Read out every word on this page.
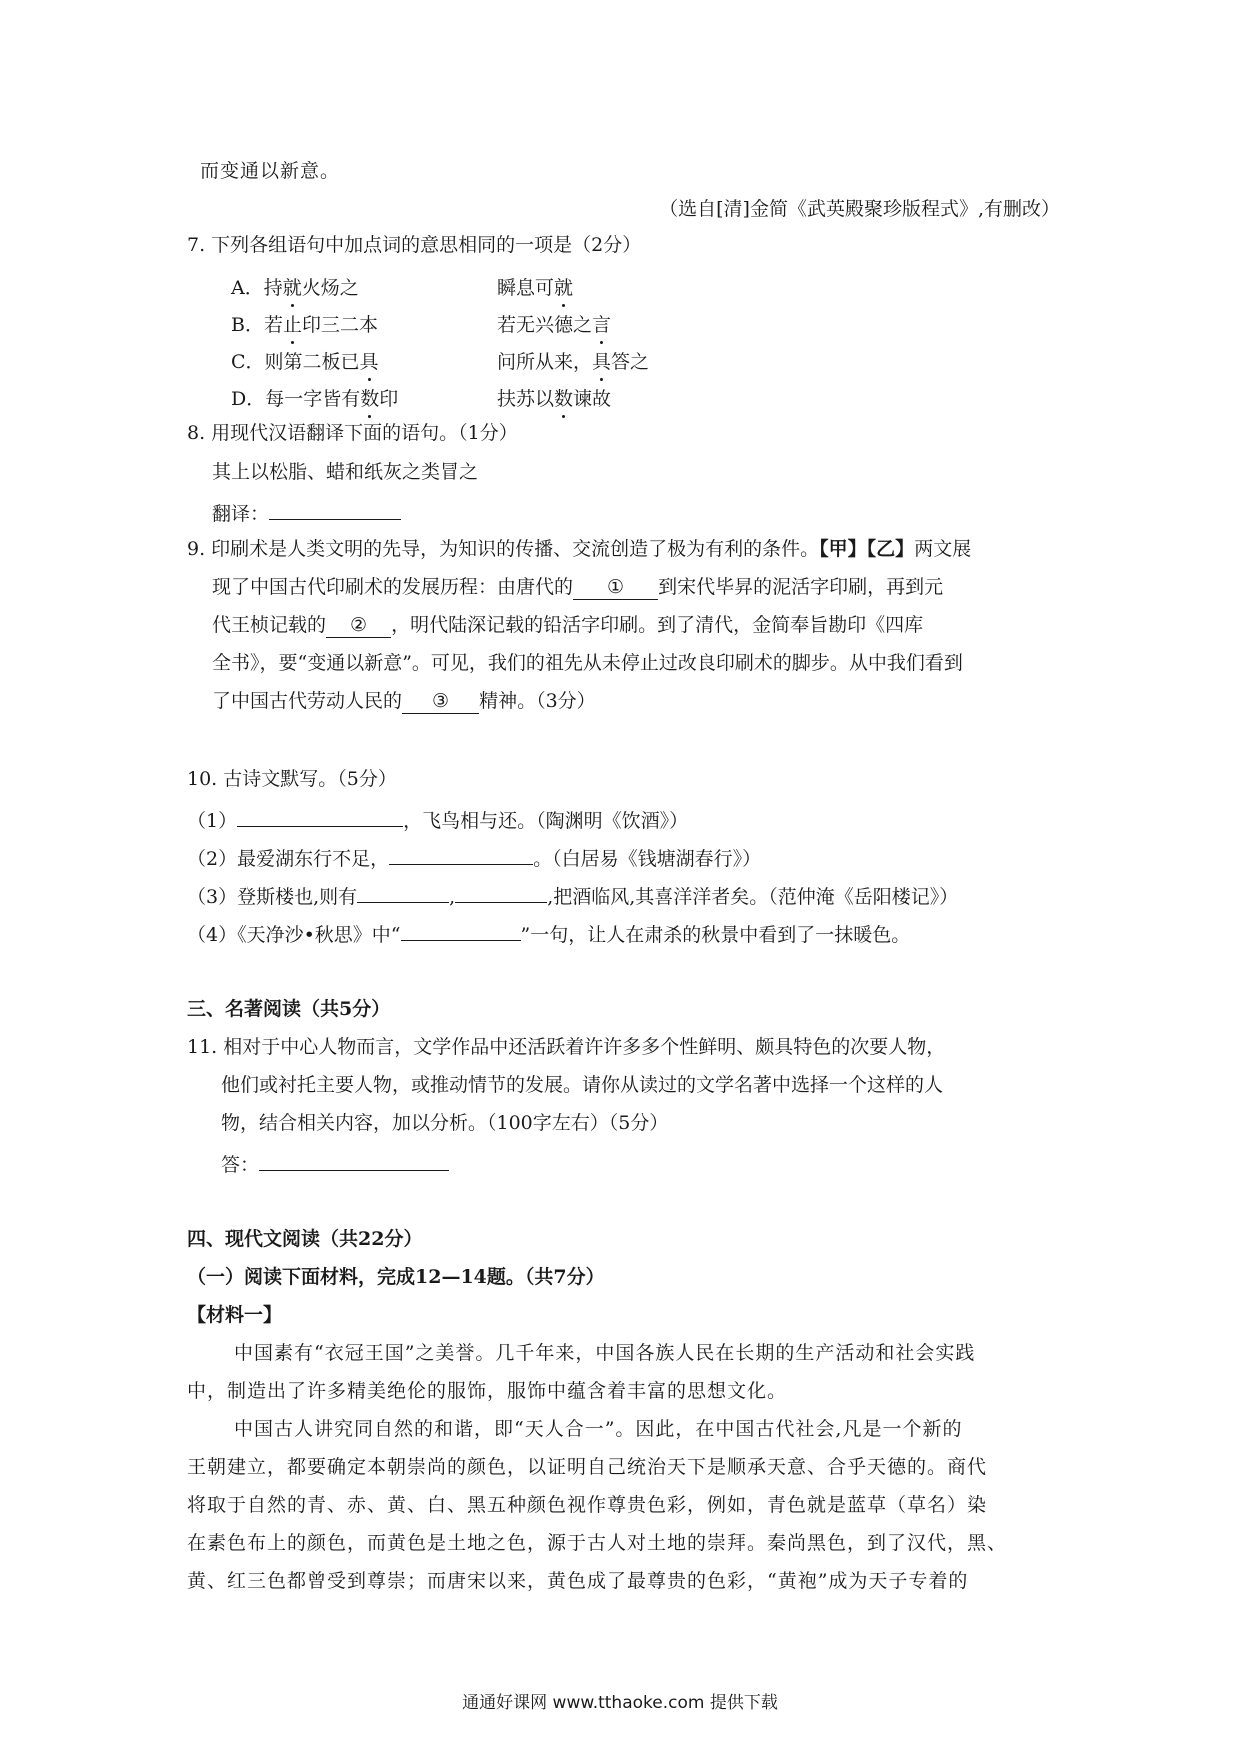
而变通以新意。
（选自[清]金简《武英殿聚珍版程式》,有删改）
7. 下列各组语句中加点词的意思相同的一项是（2分）
A．持就火炀之	瞬息可就
B．若止印三二本	若无兴德之言
C．则第二板已具	问所从来，具答之
D．每一字皆有数印	扶苏以数谏故
8. 用现代汉语翻译下面的语句。（1分）
其上以松脂、蜡和纸灰之类冒之
翻译：
9. 印刷术是人类文明的先导，为知识的传播、交流创造了极为有利的条件。【甲】【乙】两文展
现了中国古代印刷术的发展历程：由唐代的 ① 到宋代毕昇的泥活字印刷，再到元
代王桢记载的 ② ，明代陆深记载的铅活字印刷。到了清代，金简奉旨勘印《四库
全书》，要“变通以新意”。可见，我们的祖先从未停止过改良印刷术的脚步。从中我们看到
了中国古代劳动人民的 ③ 精神。（3分）
10. 古诗文默写。（5分）
（1）	，飞鸟相与还。（陶渊明《饮酒》）
（2）最爱湖东行不足，	。（白居易《钱塘湖春行》）
（3）登斯楼也,则有	,	,把酒临风,其喜洋洋者矣。（范仲淹《岳阳楼记》）
（4）《天净沙•秋思》中“	”一句，让人在肃杀的秋景中看到了一抹暖色。
三、名著阅读（共5分）
11. 相对于中心人物而言，文学作品中还活跃着许许多多个性鲜明、颇具特色的次要人物，
他们或衬托主要人物，或推动情节的发展。请你从读过的文学名著中选择一个这样的人
物，结合相关内容，加以分析。（100字左右）（5分）
答：
四、现代文阅读（共22分）
（一）阅读下面材料，完成12—14题。（共7分）
【材料一】
中国素有“衣冠王国”之美誉。几千年来，中国各族人民在长期的生产活动和社会实践
中，制造出了许多精美绝伦的服饰，服饰中蕴含着丰富的思想文化。
中国古人讲究同自然的和谐，即“天人合一”。因此，在中国古代社会,凡是一个新的
王朝建立，都要确定本朝崇尚的颜色，以证明自己统治天下是顺承天意、合乎天德的。商代
将取于自然的青、赤、黄、白、黑五种颜色视作尊贵色彩，例如，青色就是蓝草（草名）染
在素色布上的颜色，而黄色是土地之色，源于古人对土地的崇拜。秦尚黑色，到了汉代，黑、
黄、红三色都曾受到尊崇；而唐宋以来，黄色成了最尊贵的色彩，“黄袍”成为天子专着的
通通好课网 www.tthaoke.com 提供下载
